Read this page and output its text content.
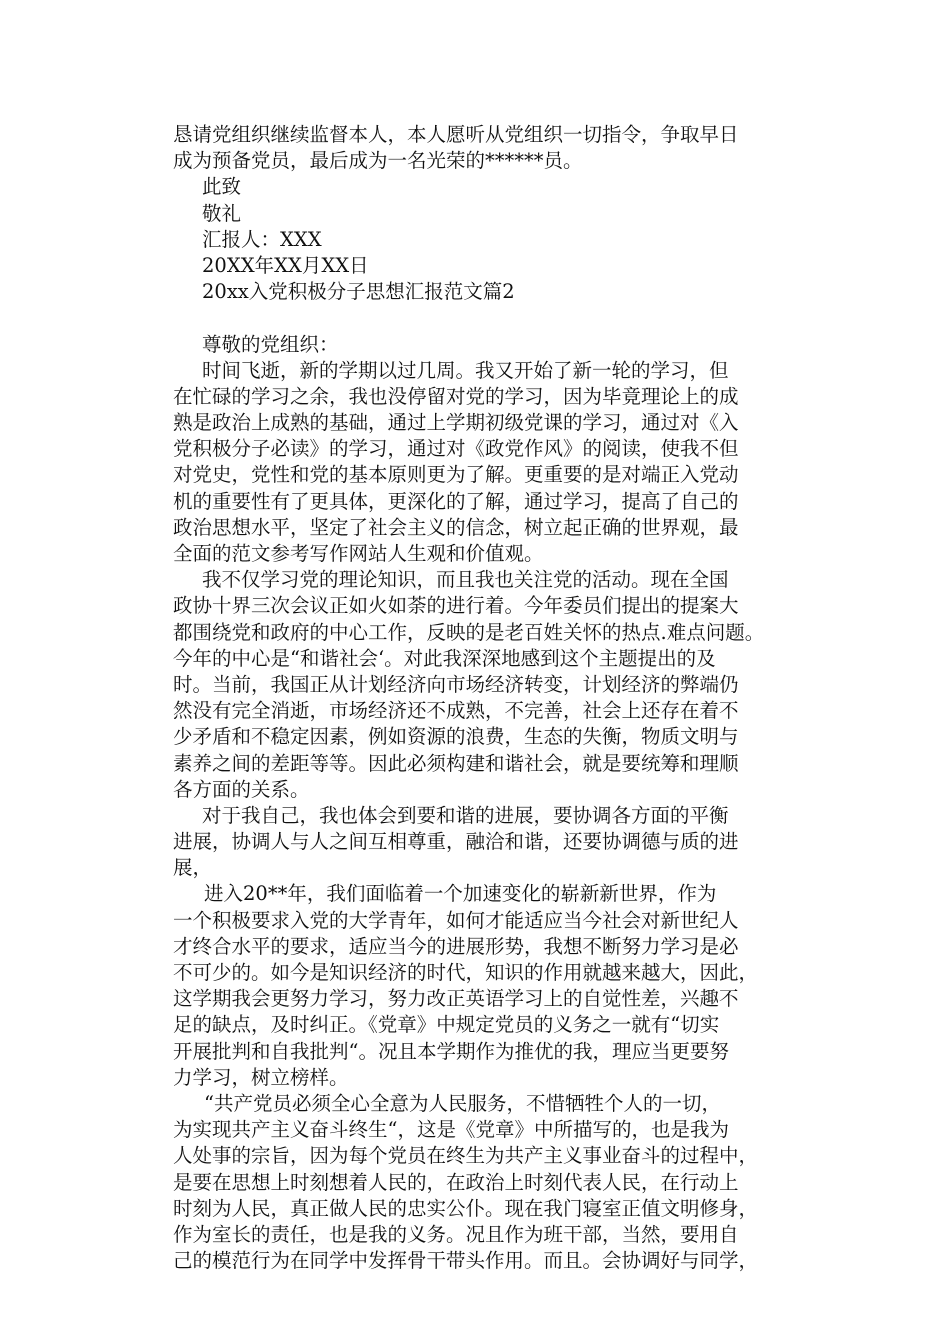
恳请党组织继续监督本人，本人愿听从党组织一切指令，争取早日
成为预备党员，最后成为一名光荣的******员。
此致
敬礼
汇报人：XXX
20XX年XX月XX日
20xx入党积极分子思想汇报范文篇2
尊敬的党组织：
时间飞逝，新的学期以过几周。我又开始了新一轮的学习，但
在忙碌的学习之余，我也没停留对党的学习，因为毕竟理论上的成
熟是政治上成熟的基础，通过上学期初级党课的学习，通过对《入
党积极分子必读》的学习，通过对《政党作风》的阅读，使我不但
对党史，党性和党的基本原则更为了解。更重要的是对端正入党动
机的重要性有了更具体，更深化的了解，通过学习，提高了自己的
政治思想水平，坚定了社会主义的信念，树立起正确的世界观，最
全面的范文参考写作网站人生观和价值观。
我不仅学习党的理论知识，而且我也关注党的活动。现在全国
政协十界三次会议正如火如荼的进行着。今年委员们提出的提案大
都围绕党和政府的中心工作，反映的是老百姓关怀的热点.难点问题。
今年的中心是“和谐社会‘。对此我深深地感到这个主题提出的及
时。当前，我国正从计划经济向市场经济转变，计划经济的弊端仍
然没有完全消逝，市场经济还不成熟，不完善，社会上还存在着不
少矛盾和不稳定因素，例如资源的浪费，生态的失衡，物质文明与
素养之间的差距等等。因此必须构建和谐社会，就是要统筹和理顺
各方面的关系。
对于我自己，我也体会到要和谐的进展，要协调各方面的平衡
进展，协调人与人之间互相尊重，融洽和谐，还要协调德与质的进
展，
进入20**年，我们面临着一个加速变化的崭新新世界，作为
一个积极要求入党的大学青年，如何才能适应当今社会对新世纪人
才终合水平的要求，适应当今的进展形势，我想不断努力学习是必
不可少的。如今是知识经济的时代，知识的作用就越来越大，因此，
这学期我会更努力学习，努力改正英语学习上的自觉性差，兴趣不
足的缺点，及时纠正。《党章》中规定党员的义务之一就有“切实
开展批判和自我批判“。况且本学期作为推优的我，理应当更要努
力学习，树立榜样。
“共产党员必须全心全意为人民服务，不惜牺牲个人的一切，
为实现共产主义奋斗终生“，这是《党章》中所描写的，也是我为
人处事的宗旨，因为每个党员在终生为共产主义事业奋斗的过程中，
是要在思想上时刻想着人民的，在政治上时刻代表人民，在行动上
时刻为人民，真正做人民的忠实公仆。现在我门寝室正值文明修身，
作为室长的责任，也是我的义务。况且作为班干部，当然，要用自
己的模范行为在同学中发挥骨干带头作用。而且。会协调好与同学，
